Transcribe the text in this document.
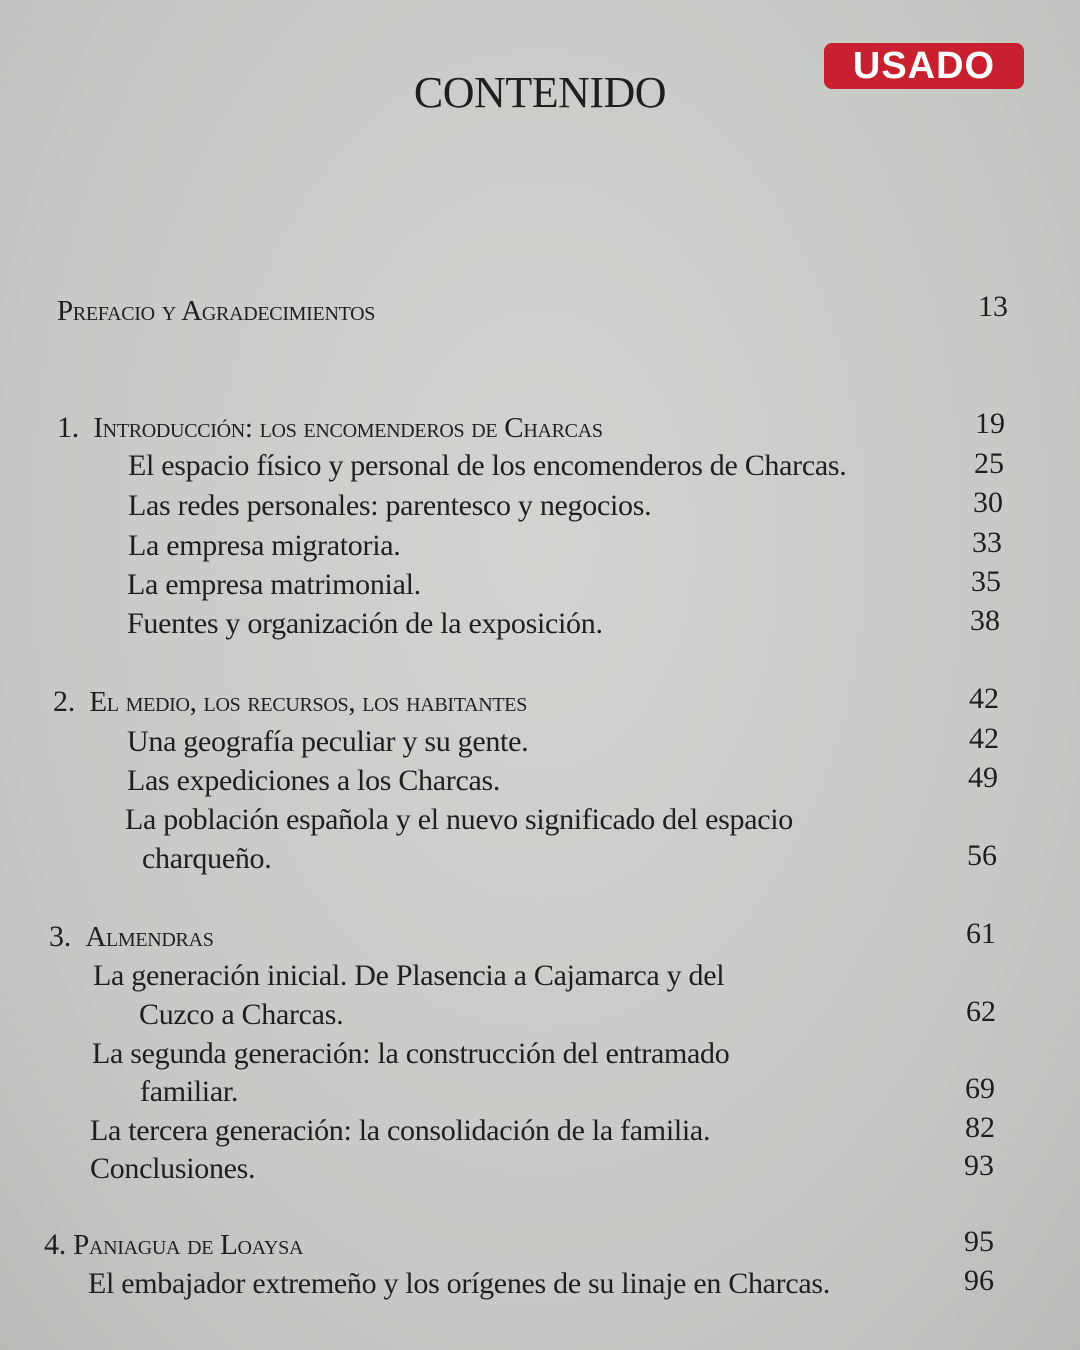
CONTENIDO
USADO
Prefacio y Agradecimientos	13
1. Introducción: los encomenderos de Charcas	19
El espacio físico y personal de los encomenderos de Charcas.	25
Las redes personales: parentesco y negocios.	30
La empresa migratoria.	33
La empresa matrimonial.	35
Fuentes y organización de la exposición.	38
2. El medio, los recursos, los habitantes	42
Una geografía peculiar y su gente.	42
Las expediciones a los Charcas.	49
La población española y el nuevo significado del espacio
charqueño.	56
3. Almendras	61
La generación inicial. De Plasencia a Cajamarca y del
Cuzco a Charcas.	62
La segunda generación: la construcción del entramado
familiar.	69
La tercera generación: la consolidación de la familia.	82
Conclusiones.	93
4. Paniagua de Loaysa	95
El embajador extremeño y los orígenes de su linaje en Charcas.	96
